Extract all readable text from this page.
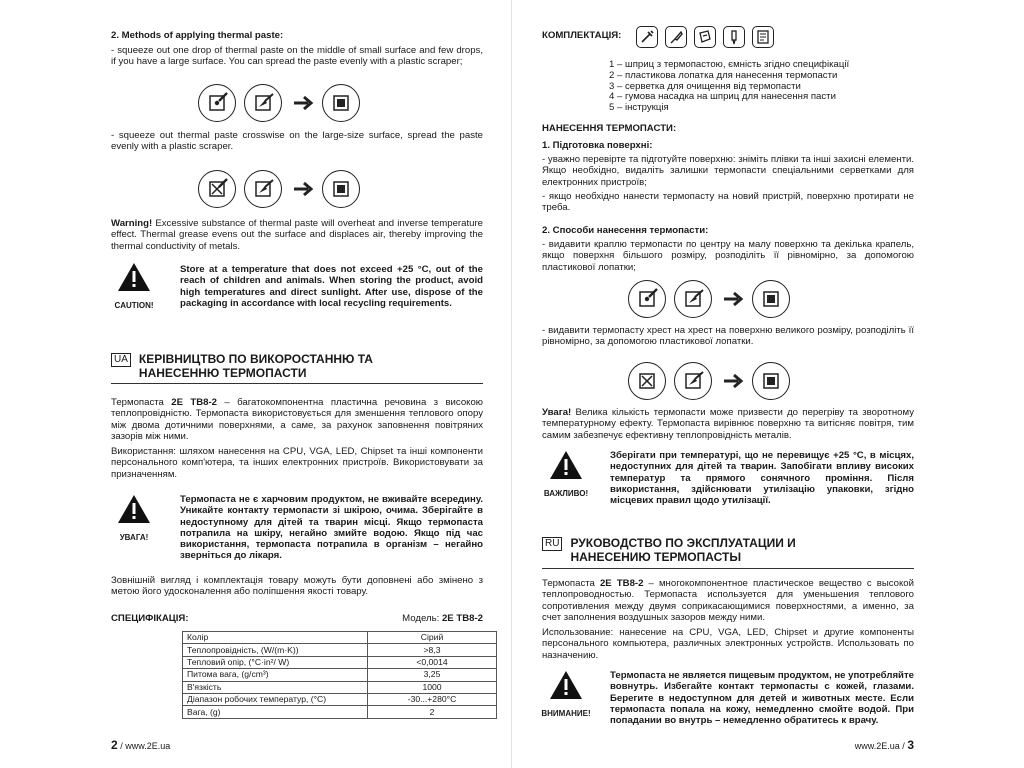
2. Methods of applying thermal paste:

- squeeze out one drop of thermal paste on the middle of small surface and few drops, if you have a large surface. You can spread the paste evenly with a plastic scraper;

- squeeze out thermal paste crosswise on the large-size surface, spread the paste evenly with a plastic scraper.

Warning! Excessive substance of thermal paste will overheat and inverse temperature effect. Thermal grease evens out the surface and displaces air, thereby improving the thermal conductivity of metals.

CAUTION!

Store at a temperature that does not exceed +25 °C, out of the reach of children and animals. When storing the product, avoid high temperatures and direct sunlight. After use, dispose of the packaging in accordance with local recycling requirements.

UA КЕРІВНИЦТВО ПО ВИКОРОСТАННЮ ТА
НАНЕСЕННЮ ТЕРМОПАСТИ

Термопаста 2E TB8-2 – багатокомпонентна пластична речовина з високою теплопровідністю. Термопаста використовується для зменшення теплового опору між двома дотичними поверхнями, а саме, за рахунок заповнення повітряних зазорів між ними.

Використання: шляхом нанесення на CPU, VGA, LED, Chipset та інші компоненти персонального комп'ютера, та інших електронних пристроїв. Використовувати за призначенням.

УВАГА!

Термопаста не є харчовим продуктом, не вживайте всередину. Уникайте контакту термопасти зі шкірою, очима. Зберігайте в недоступному для дітей та тварин місці. Якщо термопаста потрапила на шкіру, негайно змийте водою. Якщо під час використання, термопаста потрапила в організм – негайно зверніться до лікаря.

Зовнішній вигляд і комплектація товару можуть бути доповнені або змінено з метою його удосконалення або поліпшення якості товару.

СПЕЦИФІКАЦІЯ:	Модель: 2E TB8-2

Колір	Сірий
Теплопровідність, (W/(m·K))	>8,3
Тепловий опір, (°C·in²/ W)	<0,0014
Питома вага, (g/cm³)	3,25
В'язкість	1000
Діапазон робочих температур, (°C)	-30...+280°C
Вага, (g)	2
2 / www.2E.ua

КОМПЛЕКТАЦІЯ:

1 – шприц з термопастою, ємність згідно специфікації
2 – пластикова лопатка для нанесення термопасти
3 – серветка для очищення від термопасти
4 – гумова насадка на шприц для нанесення пасти
5 – інструкція

НАНЕСЕННЯ ТЕРМОПАСТИ:

1. Підготовка поверхні:

- уважно перевірте та підготуйте поверхню: зніміть плівки та інші захисні елементи. Якщо необхідно, видаліть залишки термопасти спеціальними серветками для електронних пристроїв;

- якщо необхідно нанести термопасту на новий пристрій, поверхню протирати не треба.

2. Способи нанесення термопасти:

- видавити краплю термопасти по центру на малу поверхню та декілька крапель, якщо поверхня більшого розміру, розподіліть її рівномірно, за допомогою пластикової лопатки;

- видавити термопасту хрест на хрест на поверхню великого розміру, розподіліть її рівномірно, за допомогою пластикової лопатки.

Увага! Велика кількість термопасти може призвести до перегріву та зворотному температурному ефекту. Термопаста вирівнює поверхню та витісняє повітря, тим самим забезпечує ефективну теплопровідність металів.

ВАЖЛИВО!

Зберігати при температурі, що не перевищує +25 °С, в місцях, недоступних для дітей та тварин. Запобігати впливу високих температур та прямого сонячного проміння. Після використання, здійснювати утилізацію упаковки, згідно місцевих правил щодо утилізації.

RU РУКОВОДСТВО ПО ЭКСПЛУАТАЦИИ И
НАНЕСЕНИЮ ТЕРМОПАСТЫ

Термопаста 2E TB8-2 – многокомпонентное пластическое вещество с высокой теплопроводностью. Термопаста используется для уменьшения теплового сопротивления между двумя соприкасающимися поверхностями, а именно, за счет заполнения воздушных зазоров между ними.

Использование: нанесение на CPU, VGA, LED, Chipset и другие компоненты персонального компьютера, различных электронных устройств. Использовать по назначению.

ВНИМАНИЕ!

Термопаста не является пищевым продуктом, не употребляйте вовнутрь. Избегайте контакт термопасты с кожей, глазами. Берегите в недоступном для детей и животных месте. Если термопаста попала на кожу, немедленно смойте водой. При попадании во внутрь – немедленно обратитесь к врачу.

www.2E.ua / 3
